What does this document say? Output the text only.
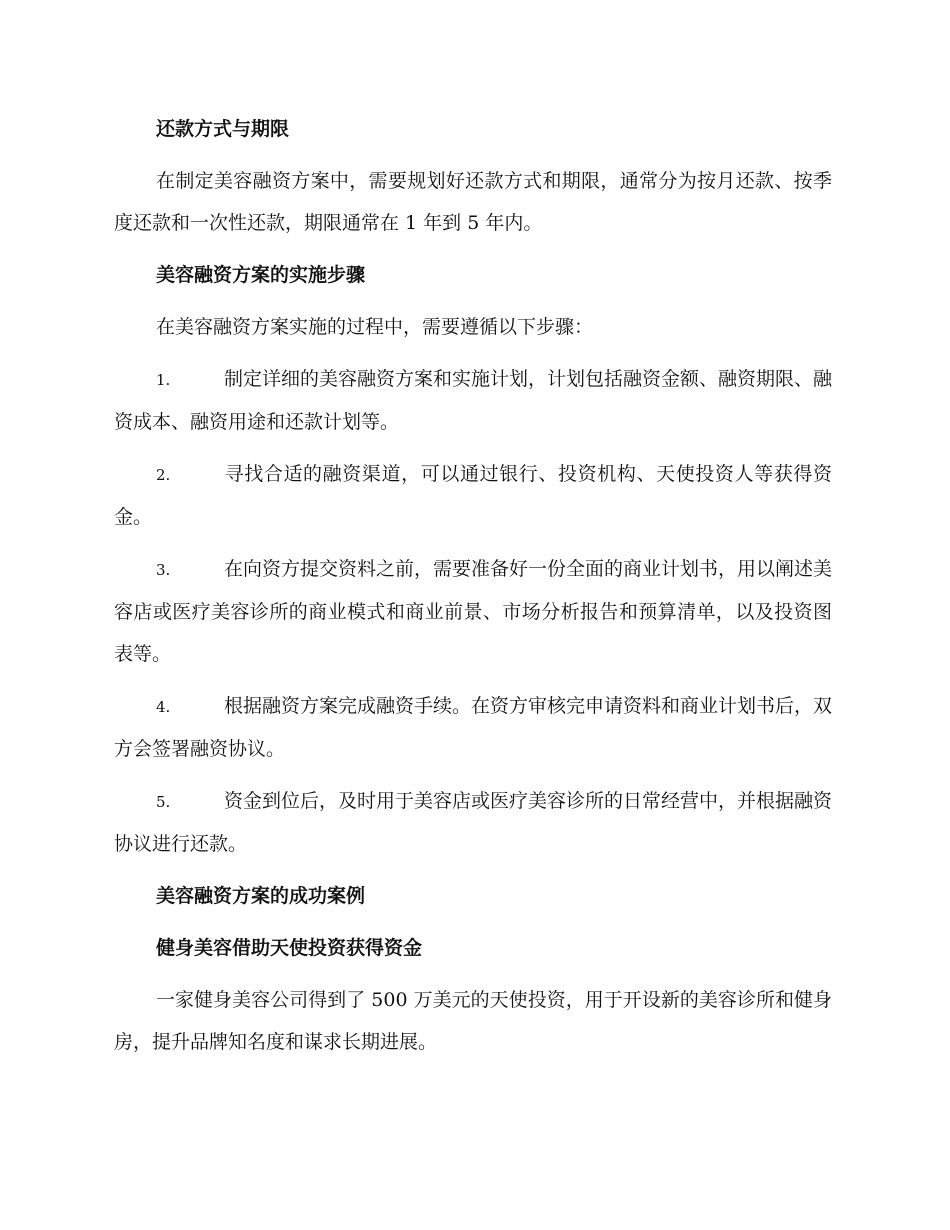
还款方式与期限

在制定美容融资方案中，需要规划好还款方式和期限，通常分为按月还款、按季度还款和一次性还款，期限通常在 1 年到 5 年内。

美容融资方案的实施步骤

在美容融资方案实施的过程中，需要遵循以下步骤：

1.	制定详细的美容融资方案和实施计划，计划包括融资金额、融资期限、融资成本、融资用途和还款计划等。

2.	寻找合适的融资渠道，可以通过银行、投资机构、天使投资人等获得资金。

3.	在向资方提交资料之前，需要准备好一份全面的商业计划书，用以阐述美容店或医疗美容诊所的商业模式和商业前景、市场分析报告和预算清单，以及投资图表等。

4.	根据融资方案完成融资手续。在资方审核完申请资料和商业计划书后，双方会签署融资协议。

5.	资金到位后，及时用于美容店或医疗美容诊所的日常经营中，并根据融资协议进行还款。

美容融资方案的成功案例

健身美容借助天使投资获得资金

一家健身美容公司得到了 500 万美元的天使投资，用于开设新的美容诊所和健身房，提升品牌知名度和谋求长期进展。
